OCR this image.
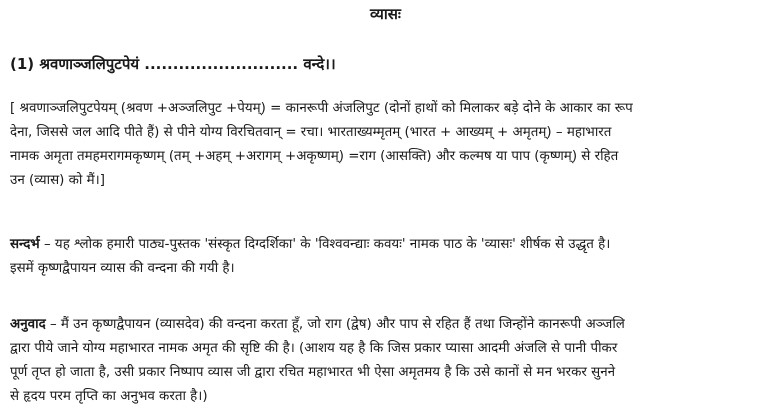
व्यासः
(1) श्रवणाञ्जलिपुटपेयं ........................... वन्दे।।
[ श्रवणाञ्जलिपुटपेयम् (श्रवण +अञ्जलिपुट +पेयम्) = कानरूपी अंजलिपुट (दोनों हाथों को मिलाकर बड़े दोने के आकार का रूप
देना, जिससे जल आदि पीते हैं) से पीने योग्य विरचितवान् = रचा। भारताख्यम्मृतम् (भारत + आख्यम् + अमृतम्) – महाभारत
नामक अमृता तमहमरागमकृष्णम् (तम् +अहम् +अरागम् +अकृष्णम्) =राग (आसक्ति) और कल्मष या पाप (कृष्णम्) से रहित
उन (व्यास) को मैं।]
सन्दर्भ – यह श्लोक हमारी पाठ्य-पुस्तक 'संस्कृत दिग्दर्शिका' के 'विश्ववन्द्याः कवयः' नामक पाठ के 'व्यासः' शीर्षक से उद्धृत है।
इसमें कृष्णद्वैपायन व्यास की वन्दना की गयी है।
अनुवाद – मैं उन कृष्णद्वैपायन (व्यासदेव) की वन्दना करता हूँ, जो राग (द्वेष) और पाप से रहित हैं तथा जिन्होंने कानरूपी अञ्जलि
द्वारा पीये जाने योग्य महाभारत नामक अमृत की सृष्टि की है। (आशय यह है कि जिस प्रकार प्यासा आदमी अंजलि से पानी पीकर
पूर्ण तृप्त हो जाता है, उसी प्रकार निष्पाप व्यास जी द्वारा रचित महाभारत भी ऐसा अमृतमय है कि उसे कानों से मन भरकर सुनने
से हृदय परम तृप्ति का अनुभव करता है।)
